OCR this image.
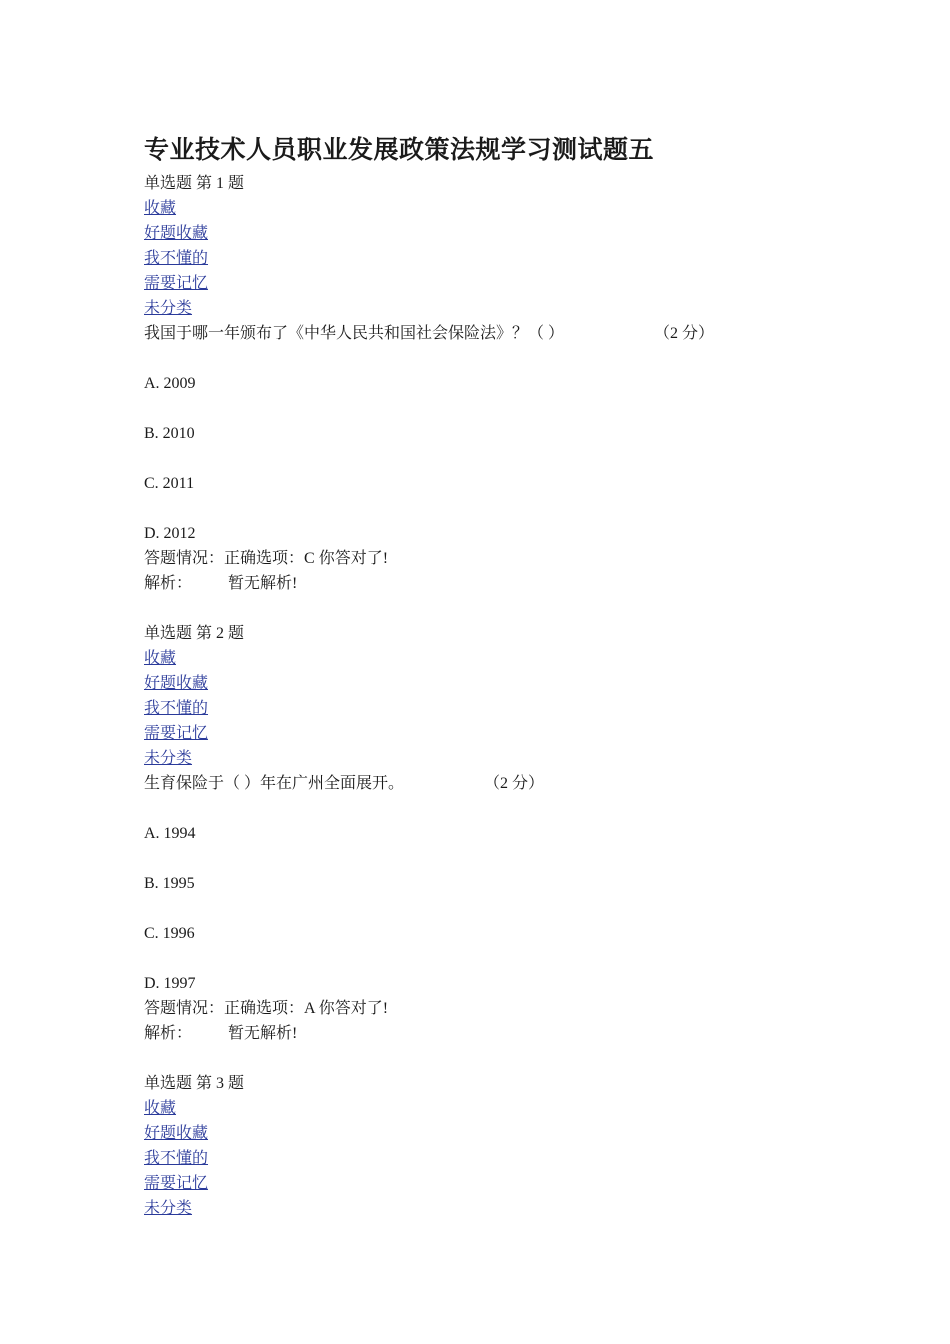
专业技术人员职业发展政策法规学习测试题五
单选题 第 1 题
收藏
好题收藏
我不懂的
需要记忆
未分类
我国于哪一年颁布了《中华人民共和国社会保险法》？（ ）	（2 分）
A. 2009
B. 2010
C. 2011
D. 2012
答题情况：正确选项：C 你答对了!
解析： 暂无解析!
单选题 第 2 题
收藏
好题收藏
我不懂的
需要记忆
未分类
生育保险于（ ）年在广州全面展开。	（2 分）
A. 1994
B. 1995
C. 1996
D. 1997
答题情况：正确选项：A 你答对了!
解析： 暂无解析!
单选题 第 3 题
收藏
好题收藏
我不懂的
需要记忆
未分类
